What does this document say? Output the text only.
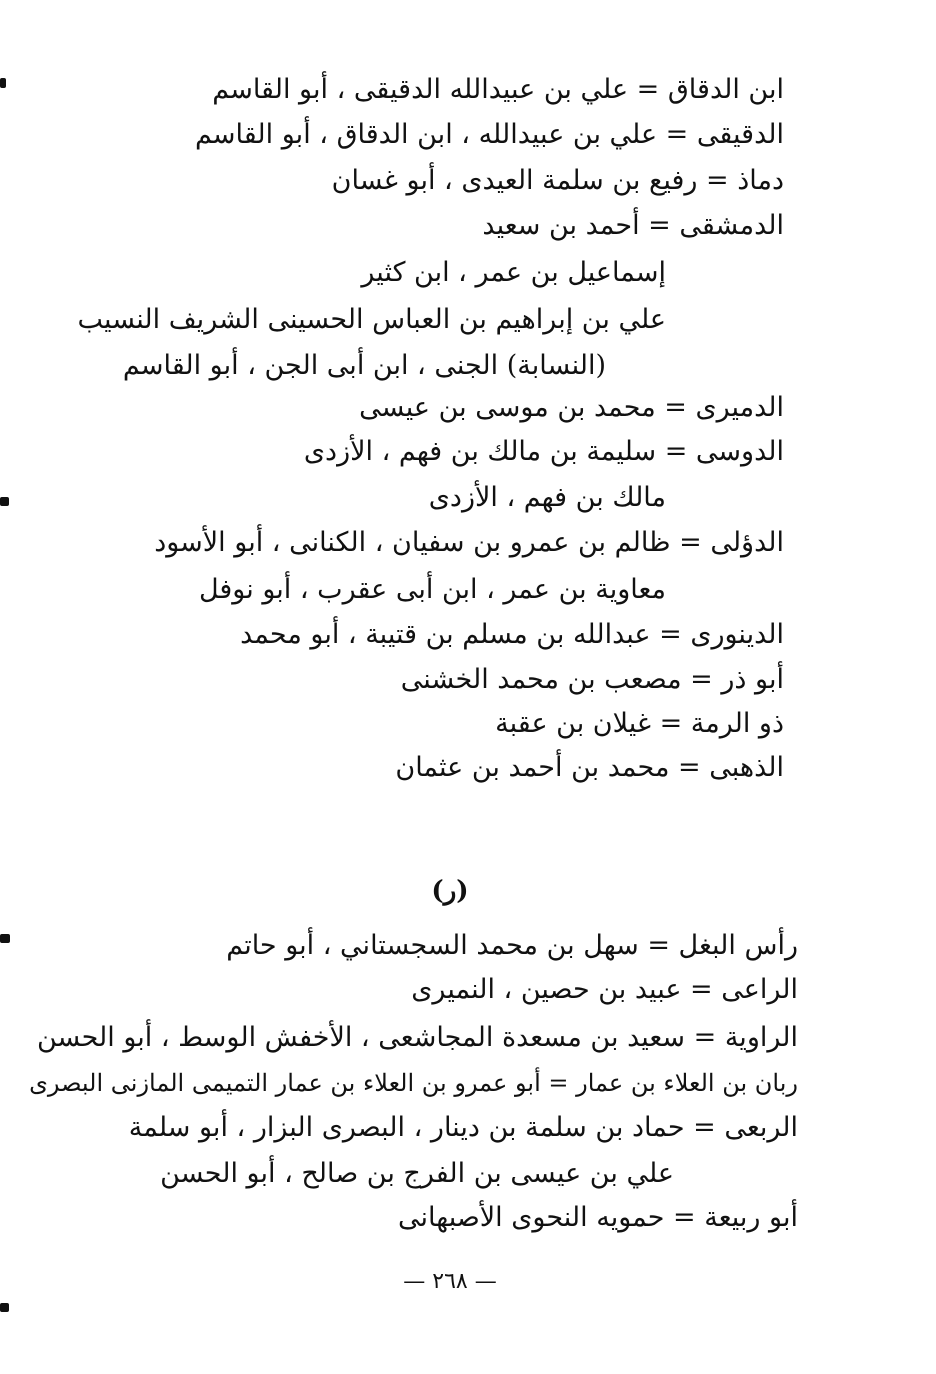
ابن الدقاق = علي بن عبيدالله الدقيقى ، أبو القاسم
الدقيقى = علي بن عبيدالله ، ابن الدقاق ، أبو القاسم
دماذ = رفيع بن سلمة العيدى ، أبو غسان
الدمشقى = أحمد بن سعيد
إسماعيل بن عمر ، ابن كثير
علي بن إبراهيم بن العباس الحسينى الشريف النسيب
(النسابة) الجنى ، ابن أبى الجن ، أبو القاسم
الدميرى = محمد بن موسى بن عيسى
الدوسى = سليمة بن مالك بن فهم ، الأزدى
مالك بن فهم ، الأزدى
الدؤلى = ظالم بن عمرو بن سفيان ، الكنانى ، أبو الأسود
معاوية بن عمر ، ابن أبى عقرب ، أبو نوفل
الدينورى = عبدالله بن مسلم بن قتيبة ، أبو محمد
أبو ذر = مصعب بن محمد الخشنى
ذو الرمة = غيلان بن عقبة
الذهبى = محمد بن أحمد بن عثمان
(ر)
رأس البغل = سهل بن محمد السجستاني ، أبو حاتم
الراعى = عبيد بن حصين ، النميرى
الراوية = سعيد بن مسعدة المجاشعى ، الأخفش الوسط ، أبو الحسن
ربان بن العلاء بن عمار = أبو عمرو بن العلاء بن عمار التميمى المازنى البصرى
الربعى = حماد بن سلمة بن دينار ، البصرى البزار ، أبو سلمة
علي بن عيسى بن الفرج بن صالح ، أبو الحسن
أبو ربيعة = حمويه النحوى الأصبهانى
— ٢٦٨ —
